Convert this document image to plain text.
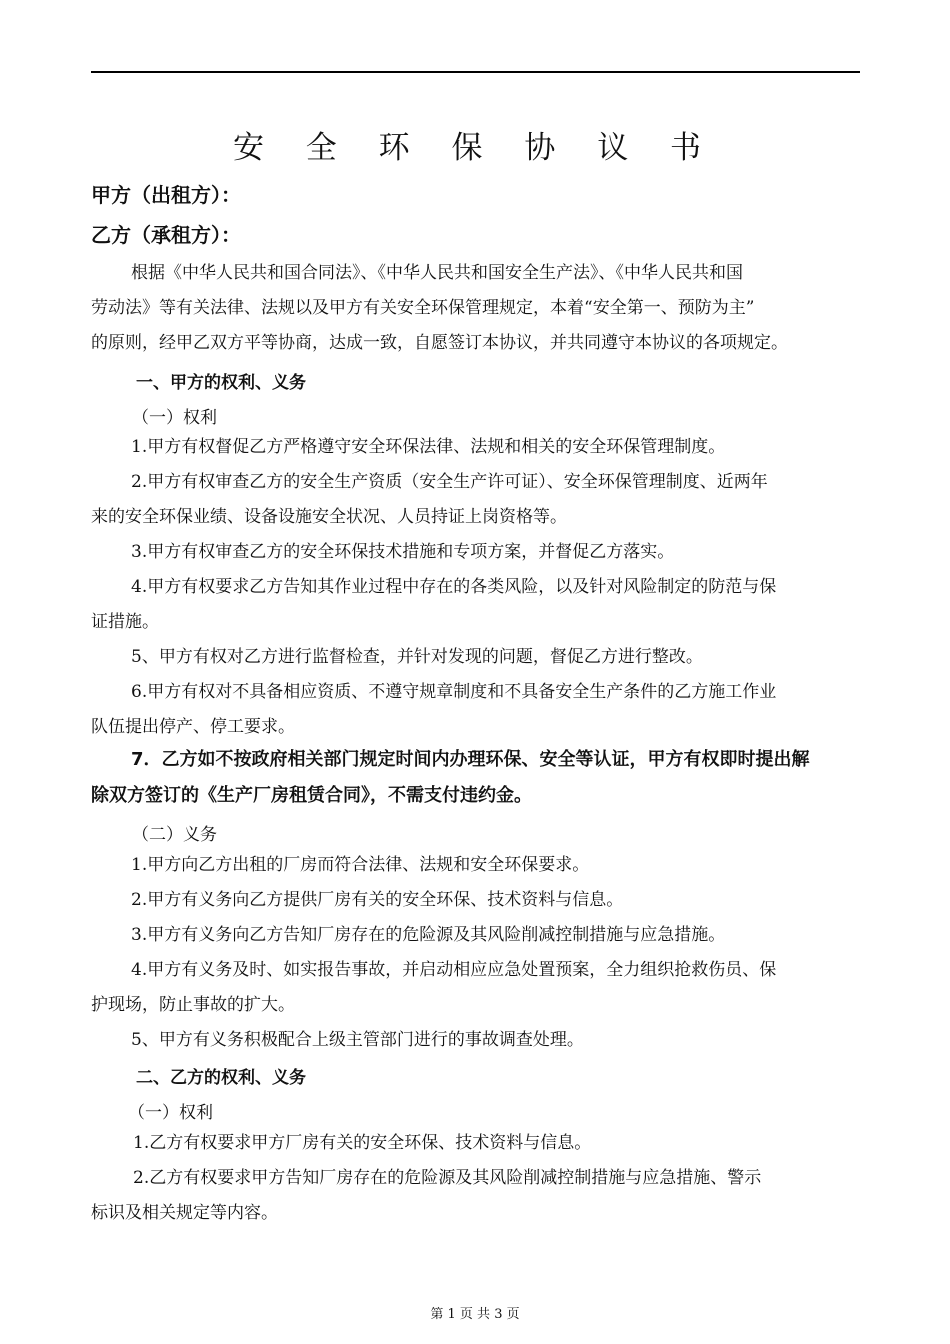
安 全 环 保 协 议 书

甲方（出租方）：

乙方（承租方）：

根据《中华人民共和国合同法》、《中华人民共和国安全生产法》、《中华人民共和国

劳动法》等有关法律、法规以及甲方有关安全环保管理规定，本着“安全第一、预防为主”

的原则，经甲乙双方平等协商，达成一致，自愿签订本协议，并共同遵守本协议的各项规定。

一、甲方的权利、义务

（一）权利

1.甲方有权督促乙方严格遵守安全环保法律、法规和相关的安全环保管理制度。

2.甲方有权审查乙方的安全生产资质（安全生产许可证）、安全环保管理制度、近两年

来的安全环保业绩、设备设施安全状况、人员持证上岗资格等。

3.甲方有权审查乙方的安全环保技术措施和专项方案，并督促乙方落实。

4.甲方有权要求乙方告知其作业过程中存在的各类风险，以及针对风险制定的防范与保

证措施。

5、甲方有权对乙方进行监督检查，并针对发现的问题，督促乙方进行整改。

6.甲方有权对不具备相应资质、不遵守规章制度和不具备安全生产条件的乙方施工作业

队伍提出停产、停工要求。

7．乙方如不按政府相关部门规定时间内办理环保、安全等认证，甲方有权即时提出解

除双方签订的《生产厂房租赁合同》，不需支付违约金。

（二）义务

1.甲方向乙方出租的厂房而符合法律、法规和安全环保要求。

2.甲方有义务向乙方提供厂房有关的安全环保、技术资料与信息。

3.甲方有义务向乙方告知厂房存在的危险源及其风险削减控制措施与应急措施。

4.甲方有义务及时、如实报告事故，并启动相应应急处置预案，全力组织抢救伤员、保

护现场，防止事故的扩大。

5、甲方有义务积极配合上级主管部门进行的事故调查处理。

二、乙方的权利、义务

（一）权利

1.乙方有权要求甲方厂房有关的安全环保、技术资料与信息。

2.乙方有权要求甲方告知厂房存在的危险源及其风险削减控制措施与应急措施、警示

标识及相关规定等内容。

第 1 页 共 3 页
